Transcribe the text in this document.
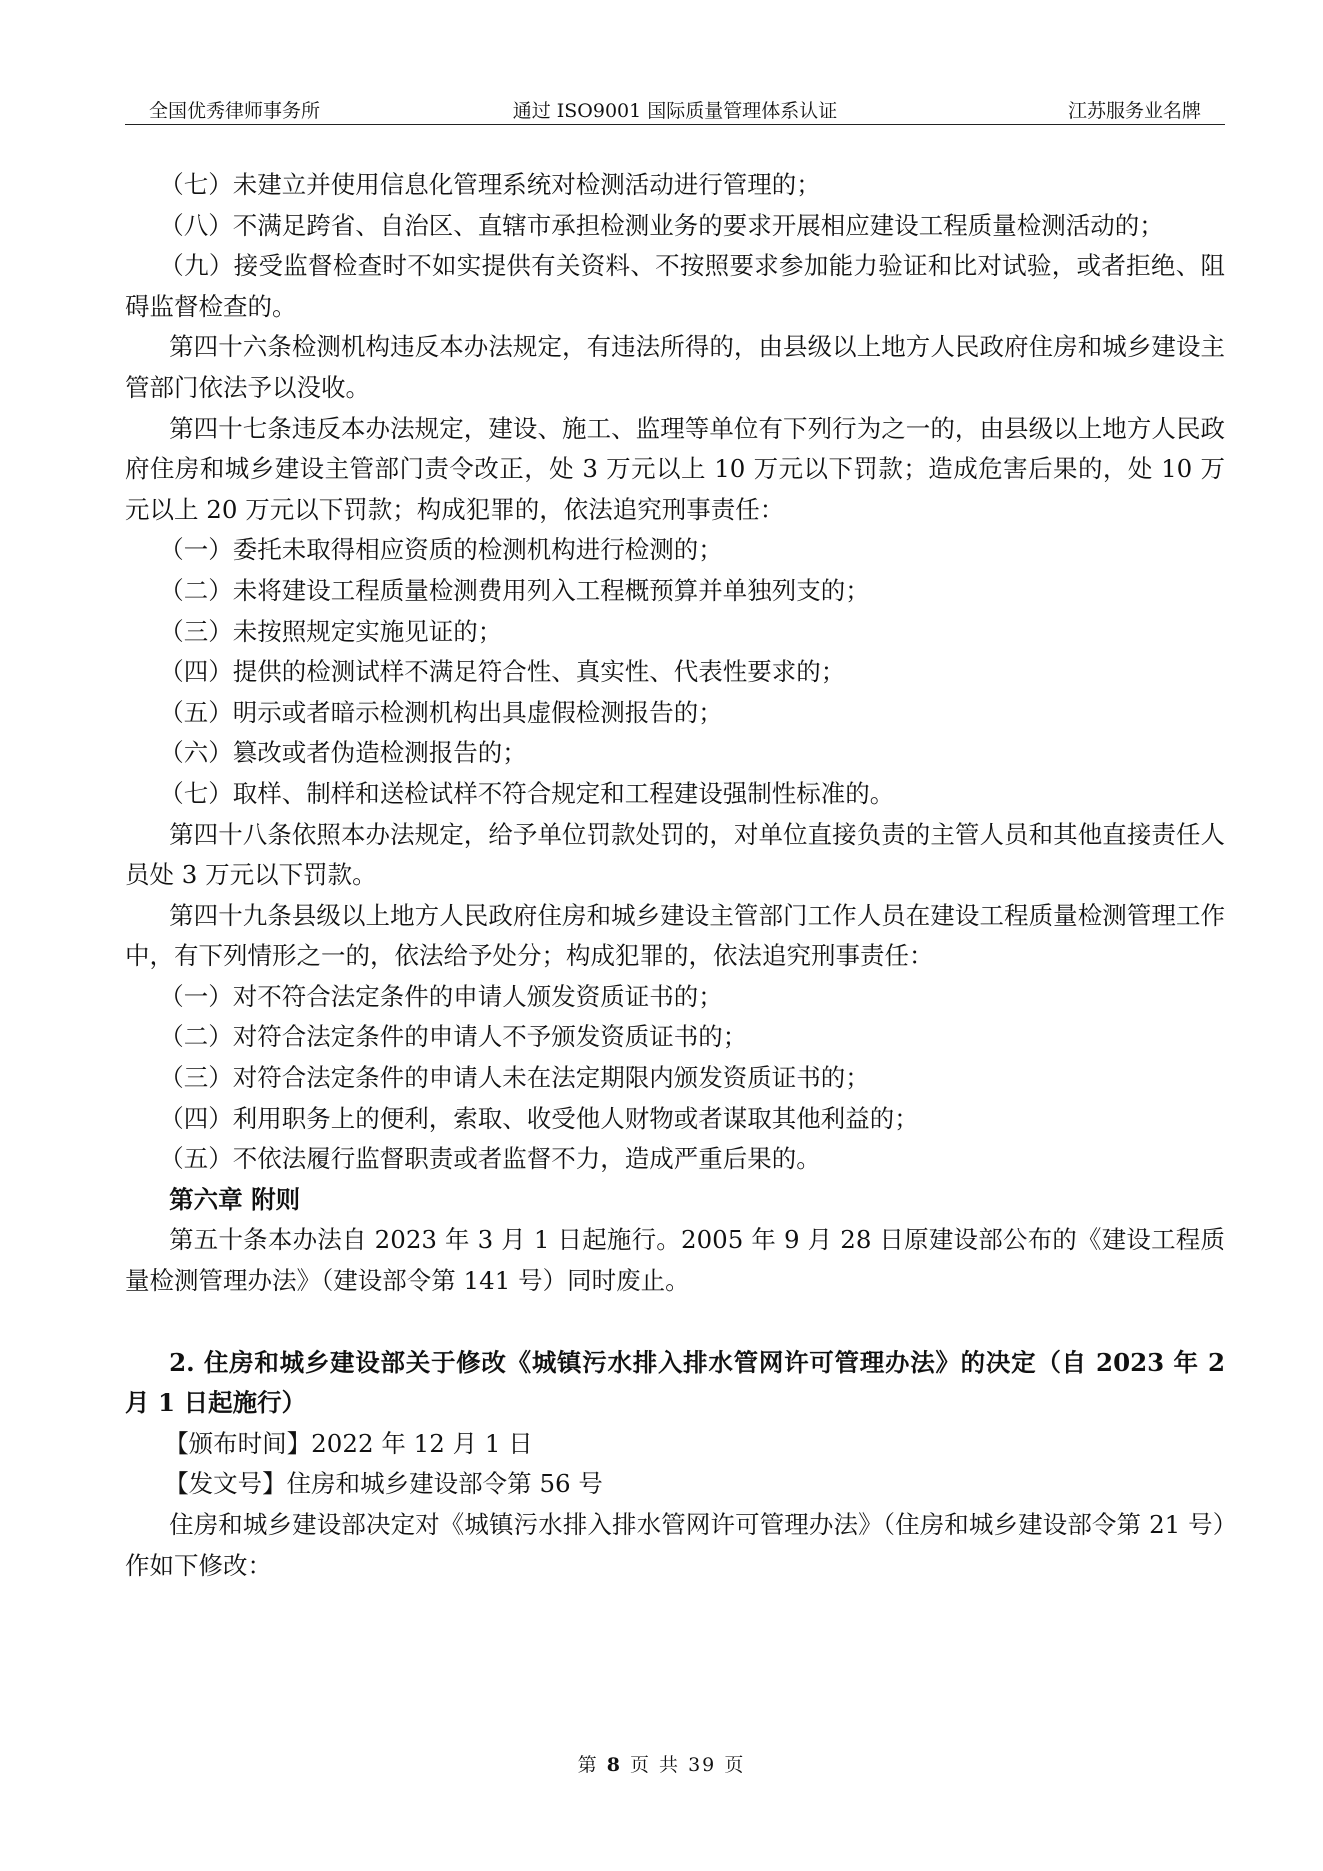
全国优秀律师事务所	通过 ISO9001 国际质量管理体系认证	江苏服务业名牌

（七）未建立并使用信息化管理系统对检测活动进行管理的；

（八）不满足跨省、自治区、直辖市承担检测业务的要求开展相应建设工程质量检测活动的；

（九）接受监督检查时不如实提供有关资料、不按照要求参加能力验证和比对试验，或者拒绝、阻碍监督检查的。

第四十六条检测机构违反本办法规定，有违法所得的，由县级以上地方人民政府住房和城乡建设主管部门依法予以没收。

第四十七条违反本办法规定，建设、施工、监理等单位有下列行为之一的，由县级以上地方人民政府住房和城乡建设主管部门责令改正，处 3 万元以上 10 万元以下罚款；造成危害后果的，处 10 万元以上 20 万元以下罚款；构成犯罪的，依法追究刑事责任：

（一）委托未取得相应资质的检测机构进行检测的；

（二）未将建设工程质量检测费用列入工程概预算并单独列支的；

（三）未按照规定实施见证的；

（四）提供的检测试样不满足符合性、真实性、代表性要求的；

（五）明示或者暗示检测机构出具虚假检测报告的；

（六）篡改或者伪造检测报告的；

（七）取样、制样和送检试样不符合规定和工程建设强制性标准的。

第四十八条依照本办法规定，给予单位罚款处罚的，对单位直接负责的主管人员和其他直接责任人员处 3 万元以下罚款。

第四十九条县级以上地方人民政府住房和城乡建设主管部门工作人员在建设工程质量检测管理工作中，有下列情形之一的，依法给予处分；构成犯罪的，依法追究刑事责任：

（一）对不符合法定条件的申请人颁发资质证书的；

（二）对符合法定条件的申请人不予颁发资质证书的；

（三）对符合法定条件的申请人未在法定期限内颁发资质证书的；

（四）利用职务上的便利，索取、收受他人财物或者谋取其他利益的；

（五）不依法履行监督职责或者监督不力，造成严重后果的。

第六章 附则

第五十条本办法自 2023 年 3 月 1 日起施行。2005 年 9 月 28 日原建设部公布的《建设工程质量检测管理办法》（建设部令第 141 号）同时废止。

2. 住房和城乡建设部关于修改《城镇污水排入排水管网许可管理办法》的决定（自 2023 年 2 月 1 日起施行）

【颁布时间】2022 年 12 月 1 日

【发文号】住房和城乡建设部令第 56 号

住房和城乡建设部决定对《城镇污水排入排水管网许可管理办法》（住房和城乡建设部令第 21 号）作如下修改：

第 8 页 共 39 页
